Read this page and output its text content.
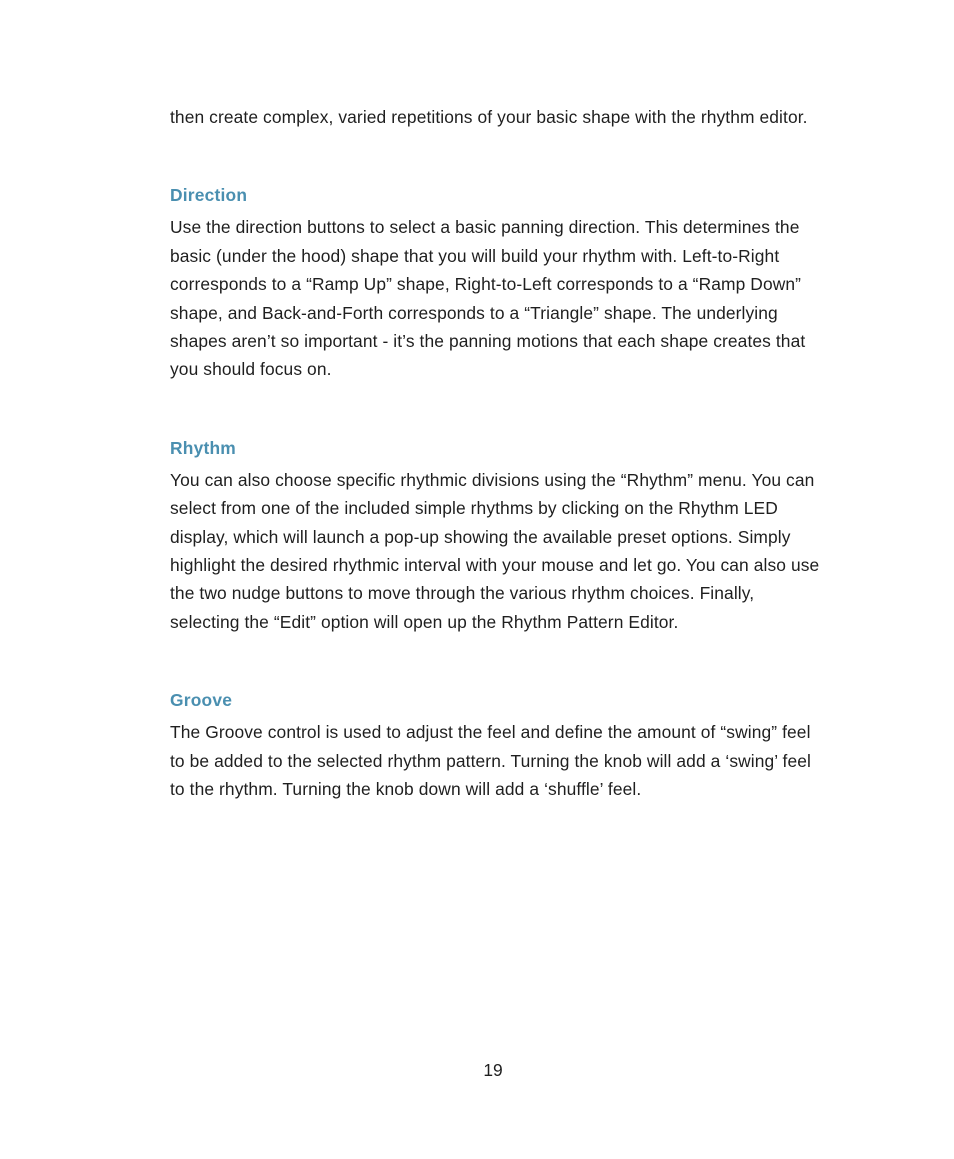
then create complex, varied repetitions of your basic shape with the rhythm editor.

Direction

Use the direction buttons to select a basic panning direction. This determines the basic (under the hood) shape that you will build your rhythm with. Left-to-Right corresponds to a “Ramp Up” shape, Right-to-Left corresponds to a “Ramp Down” shape, and Back-and-Forth corresponds to a “Triangle” shape. The underlying shapes aren’t so important - it’s the panning motions that each shape creates that you should focus on.

Rhythm

You can also choose specific rhythmic divisions using the “Rhythm” menu. You can select from one of the included simple rhythms by clicking on the Rhythm LED display, which will launch a pop-up showing the available preset options. Simply highlight the desired rhythmic interval with your mouse and let go. You can also use the two nudge buttons to move through the various rhythm choices. Finally, selecting the “Edit” option will open up the Rhythm Pattern Editor.

Groove

The Groove control is used to adjust the feel and define the amount of “swing” feel to be added to the selected rhythm pattern. Turning the knob will add a ‘swing’ feel to the rhythm. Turning the knob down will add a ‘shuffle’ feel.

19
